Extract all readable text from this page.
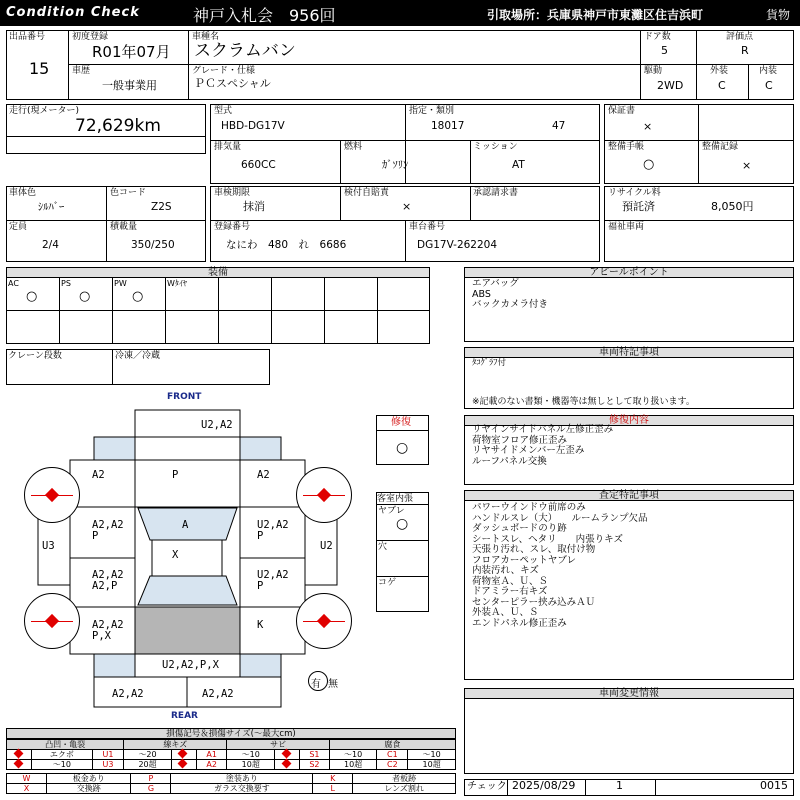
Condition Check	神戸入札会　956回	引取場所：兵庫県神戸市東灘区住吉浜町	貨物
出品番号
15
初度登録
R01年07月
車種名
スクラムバン
ドア数
5
評価点
R
車歴
一般事業用
グレード・仕様
ＰＣスペシャル
駆動
2WD
外装
C
内装
C
走行(現メーター)
72,629km
型式
HBD-DG17V
指定・類別
18017	47
排気量
660CC
燃料
ｶﾞｿﾘﾝ
ミッション
AT
保証書
×
整備手帳
○
整備記録
×
車体色
ｼﾙﾊﾞｰ
色コード
Z2S
定員
2/4
積載量
350/250
車検期限
抹消
検付自賠責
×
承認請求書
登録番号
なにわ　480　れ　6686
車台番号
DG17V-262204
リサイクル料
預託済	8,050円
福祉車両
装備
AC
○
PS
○
PW
○
Wﾀｲﾔ
クレーン段数	冷凍／冷蔵
アピールポイント
エアバッグ
ABS
バックカメラ付き
車両特記事項
ﾀｺｸﾞﾗﾌ付
※記載のない書類・機器等は無しとして取り扱います。
修復内容
リヤインサイドパネル左修正歪み
荷物室フロア修正歪み
リヤサイドメンバー左歪み
ルーフパネル交換
査定特記事項
パワーウインドウ前席のみ
ハンドルスレ（大）　　ルームランプ欠品
ダッシュボードのり跡
シートスレ、ヘタリ　　内張りキズ
天張り汚れ、スレ、取付け物
フロアカーペットヤブレ
内装汚れ、キズ
荷物室Ａ、Ｕ、Ｓ
ドアミラー右キズ
センターピラー挟み込みＡＵ
外装Ａ、Ｕ、Ｓ
エンドパネル修正歪み
車両変更情報
チェック 2025/08/29	1	0015
修復
○
客室内張
ヤブレ
○
穴
コゲ
FRONT
REAR
U2,A2
A2	P	A2
A2,A2
P
A	U2,A2
P
U3	U2
X
A2,A2
A2,P
U2,A2
P
A2,A2
P,X
K
U2,A2,P,X
A2,A2	A2,A2
有 無
損傷記号＆損傷サイズ(〜最大cm)
凸凹・亀裂			線キズ			サビ			腐食		
	エクボ	U1	〜20		A1	〜10		S1	〜10	C1	〜10
	〜10	U3	20超		A2	10超		S2	10超	C2	10超
W	板金あり	P	塗装あり	K	者板跡
X	交換跡	G	ガラス交換要す	L	レンズ割れ
